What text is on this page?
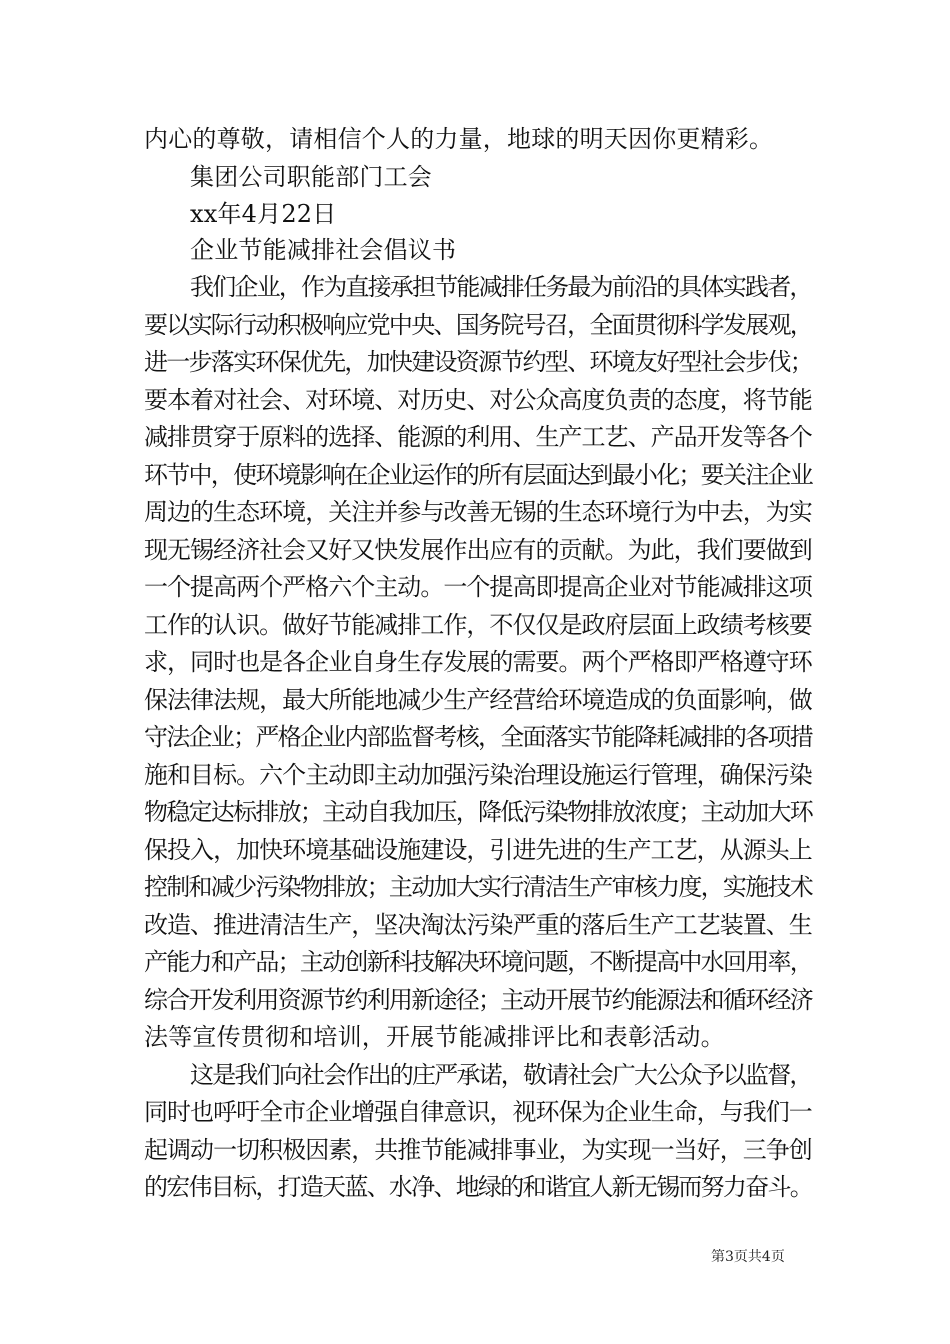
内心的尊敬，请相信个人的力量，地球的明天因你更精彩。
集团公司职能部门工会
xx年4月22日
企业节能减排社会倡议书
我们企业，作为直接承担节能减排任务最为前沿的具体实践者，
要以实际行动积极响应党中央、国务院号召，全面贯彻科学发展观，
进一步落实环保优先，加快建设资源节约型、环境友好型社会步伐；
要本着对社会、对环境、对历史、对公众高度负责的态度，将节能
减排贯穿于原料的选择、能源的利用、生产工艺、产品开发等各个
环节中，使环境影响在企业运作的所有层面达到最小化；要关注企业
周边的生态环境，关注并参与改善无锡的生态环境行为中去，为实
现无锡经济社会又好又快发展作出应有的贡献。为此，我们要做到
一个提高两个严格六个主动。一个提高即提高企业对节能减排这项
工作的认识。做好节能减排工作，不仅仅是政府层面上政绩考核要
求，同时也是各企业自身生存发展的需要。两个严格即严格遵守环
保法律法规，最大所能地减少生产经营给环境造成的负面影响，做
守法企业；严格企业内部监督考核，全面落实节能降耗减排的各项措
施和目标。六个主动即主动加强污染治理设施运行管理，确保污染
物稳定达标排放；主动自我加压，降低污染物排放浓度；主动加大环
保投入，加快环境基础设施建设，引进先进的生产工艺，从源头上
控制和减少污染物排放；主动加大实行清洁生产审核力度，实施技术
改造、推进清洁生产，坚决淘汰污染严重的落后生产工艺装置、生
产能力和产品；主动创新科技解决环境问题，不断提高中水回用率，
综合开发利用资源节约利用新途径；主动开展节约能源法和循环经济
法等宣传贯彻和培训，开展节能减排评比和表彰活动。
这是我们向社会作出的庄严承诺，敬请社会广大公众予以监督，
同时也呼吁全市企业增强自律意识，视环保为企业生命，与我们一
起调动一切积极因素，共推节能减排事业，为实现一当好，三争创
的宏伟目标，打造天蓝、水净、地绿的和谐宜人新无锡而努力奋斗。
第3页共4页
